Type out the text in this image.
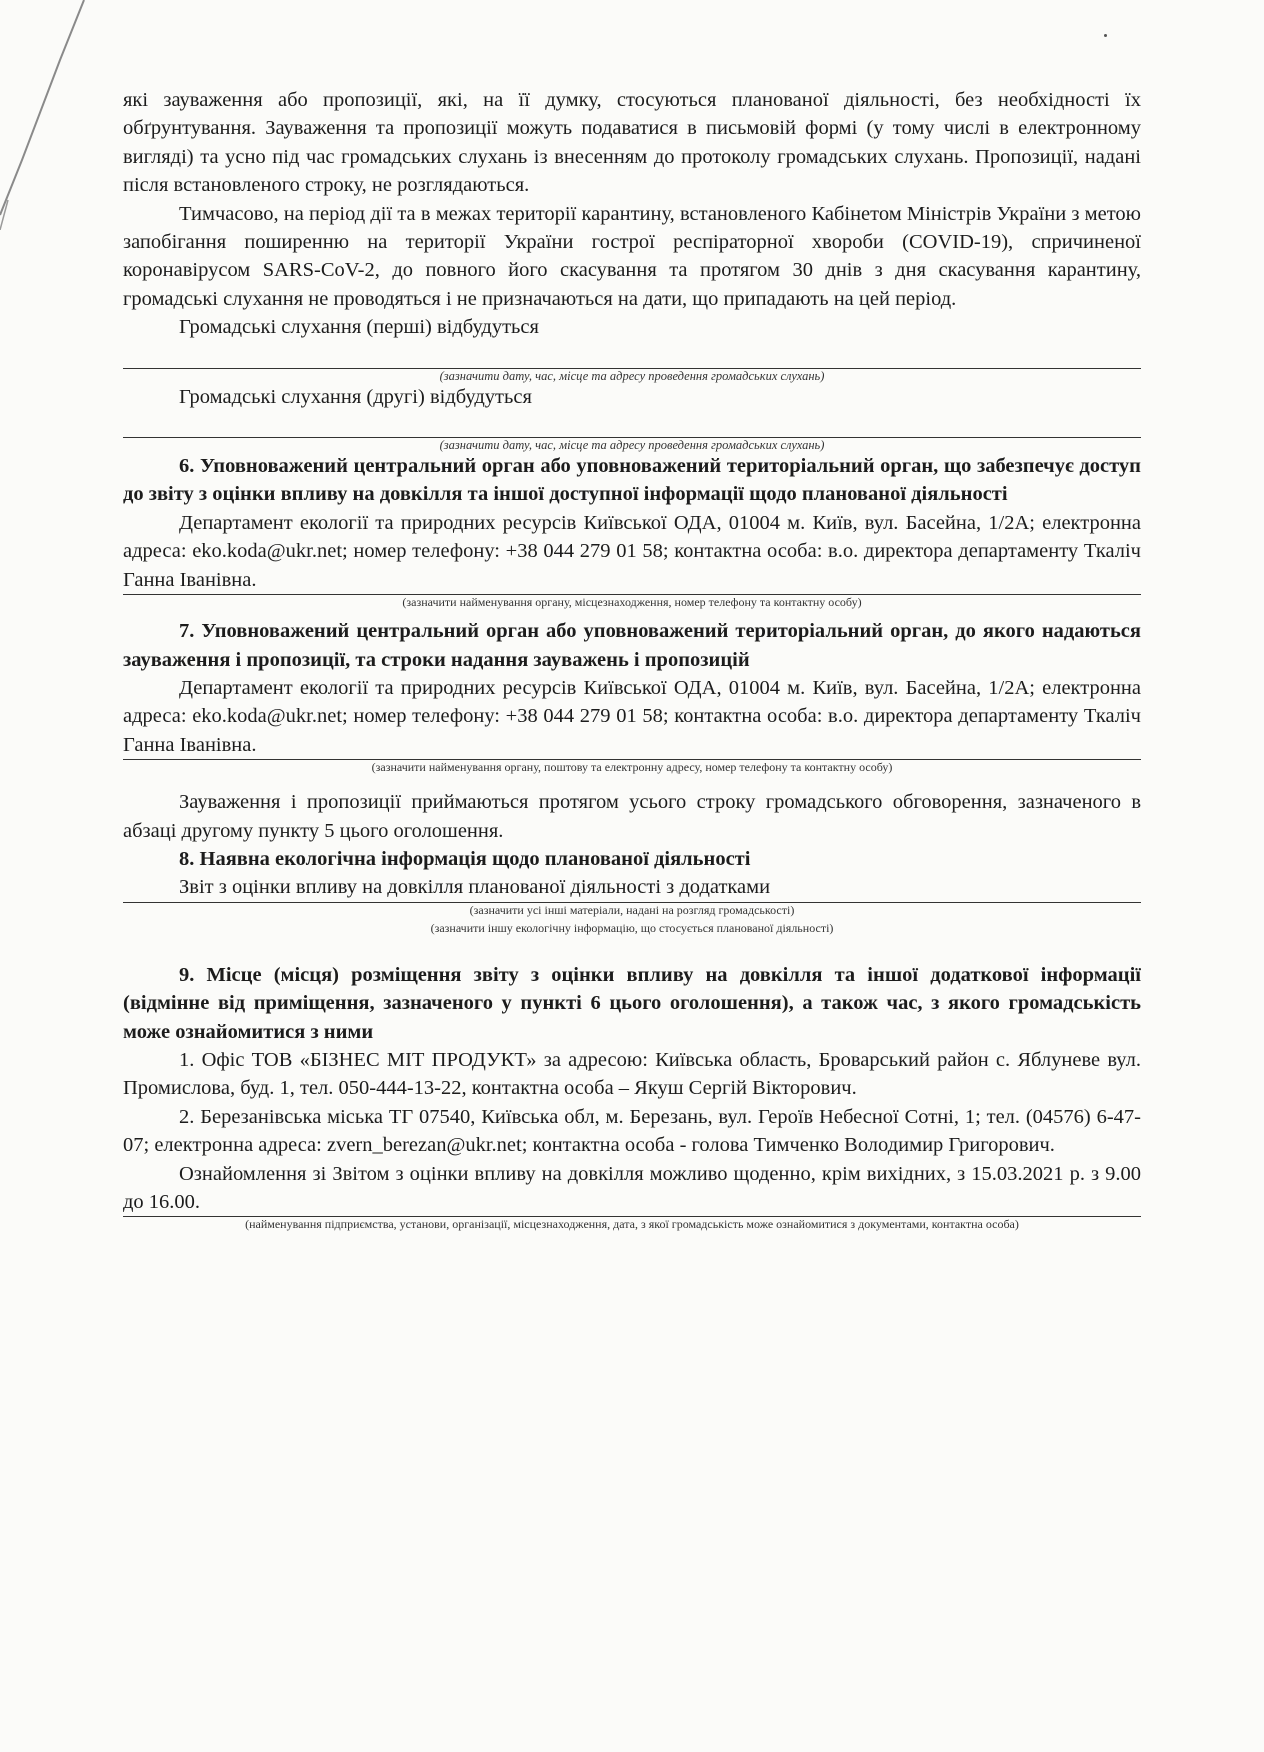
які зауваження або пропозиції, які, на її думку, стосуються планованої діяльності, без необхідності їх обґрунтування. Зауваження та пропозиції можуть подаватися в письмовій формі (у тому числі в електронному вигляді) та усно під час громадських слухань із внесенням до протоколу громадських слухань. Пропозиції, надані після встановленого строку, не розглядаються.

Тимчасово, на період дії та в межах території карантину, встановленого Кабінетом Міністрів України з метою запобігання поширенню на території України гострої респіраторної хвороби (COVID-19), спричиненої коронавірусом SARS-CoV-2, до повного його скасування та протягом 30 днів з дня скасування карантину, громадські слухання не проводяться і не призначаються на дати, що припадають на цей період.

Громадські слухання (перші) відбудуться

(зазначити дату, час, місце та адресу проведення громадських слухань)

Громадські слухання (другі) відбудуться

(зазначити дату, час, місце та адресу проведення громадських слухань)

6. Уповноважений центральний орган або уповноважений територіальний орган, що забезпечує доступ до звіту з оцінки впливу на довкілля та іншої доступної інформації щодо планованої діяльності

Департамент екології та природних ресурсів Київської ОДА, 01004 м. Київ, вул. Басейна, 1/2А; електронна адреса: eko.koda@ukr.net; номер телефону: +38 044 279 01 58; контактна особа: в.о. директора департаменту Ткаліч Ганна Іванівна.

(зазначити найменування органу, місцезнаходження, номер телефону та контактну особу)

7. Уповноважений центральний орган або уповноважений територіальний орган, до якого надаються зауваження і пропозиції, та строки надання зауважень і пропозицій

Департамент екології та природних ресурсів Київської ОДА, 01004 м. Київ, вул. Басейна, 1/2А; електронна адреса: eko.koda@ukr.net; номер телефону: +38 044 279 01 58; контактна особа: в.о. директора департаменту Ткаліч Ганна Іванівна.

(зазначити найменування органу, поштову та електронну адресу, номер телефону та контактну особу)

Зауваження і пропозиції приймаються протягом усього строку громадського обговорення, зазначеного в абзаці другому пункту 5 цього оголошення.

8. Наявна екологічна інформація щодо планованої діяльності

Звіт з оцінки впливу на довкілля планованої діяльності з додатками

(зазначити усі інші матеріали, надані на розгляд громадськості)
(зазначити іншу екологічну інформацію, що стосується планованої діяльності)

9. Місце (місця) розміщення звіту з оцінки впливу на довкілля та іншої додаткової інформації (відмінне від приміщення, зазначеного у пункті 6 цього оголошення), а також час, з якого громадськість може ознайомитися з ними

1. Офіс ТОВ «БІЗНЕС МІТ ПРОДУКТ» за адресою: Київська область, Броварський район с. Яблуневе вул. Промислова, буд. 1, тел. 050-444-13-22, контактна особа – Якуш Сергій Вікторович.

2. Березанівська міська ТГ 07540, Київська обл, м. Березань, вул. Героїв Небесної Сотні, 1; тел. (04576) 6-47-07; електронна адреса: zvern_berezan@ukr.net; контактна особа - голова Тимченко Володимир Григорович.

Ознайомлення зі Звітом з оцінки впливу на довкілля можливо щоденно, крім вихідних, з 15.03.2021 р. з 9.00 до 16.00.

(найменування підприємства, установи, організації, місцезнаходження, дата, з якої громадськість може ознайомитися з документами, контактна особа)
